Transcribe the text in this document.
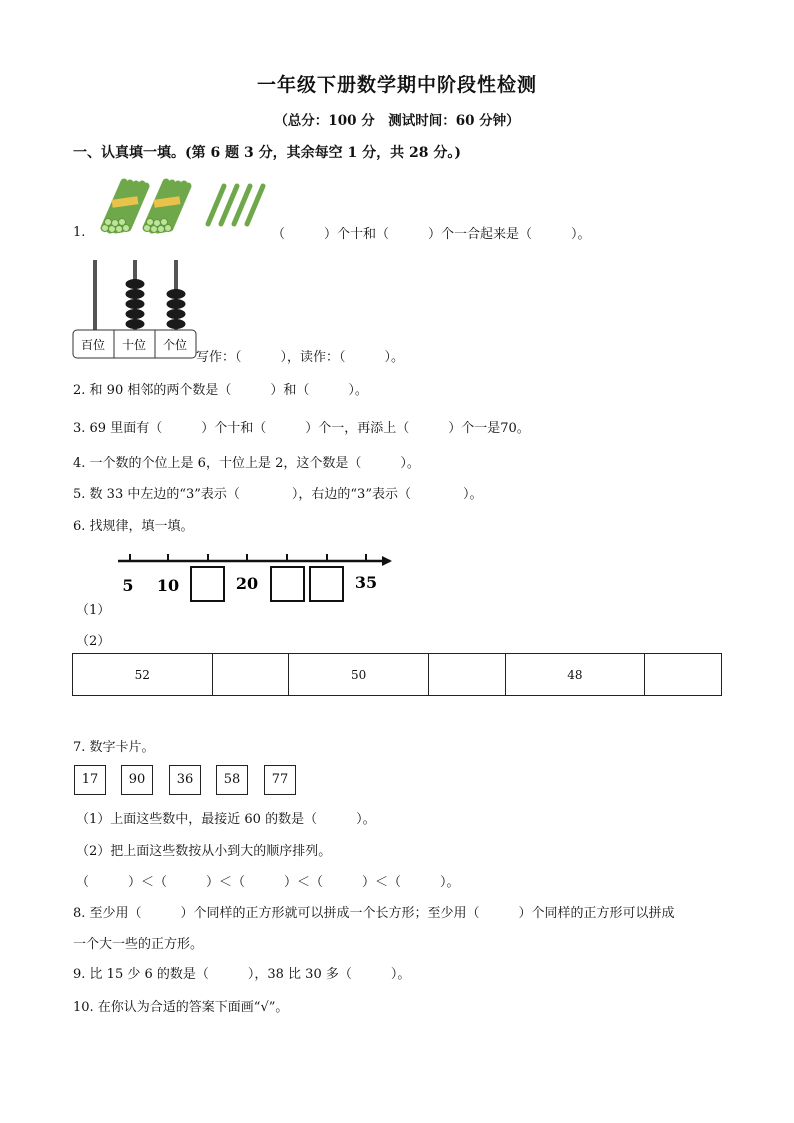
一年级下册数学期中阶段性检测
（总分：100 分　测试时间：60 分钟）
一、认真填一填。(第 6 题 3 分，其余每空 1 分，共 28 分。)
1.	（　　　）个十和（　　　）个一合起来是（　　　）。
百位 十位 个位
写作：（　　　），读作：（　　　）。
2. 和 90 相邻的两个数是（　　　）和（　　　）。
3. 69 里面有（　　　）个十和（　　　）个一，再添上（　　　）个一是70。
4. 一个数的个位上是 6，十位上是 2，这个数是（　　　）。
5. 数 33 中左边的“3”表示（　　　　），右边的“3”表示（　　　　）。
6. 找规律，填一填。
5 10	20	35
（1）
（2）
52		50		48	
7. 数字卡片。
17	90	36	58	77
（1）上面这些数中，最接近 60 的数是（　　　）。
（2）把上面这些数按从小到大的顺序排列。
（　　　）＜（　　　）＜（　　　）＜（　　　）＜（　　　）。
8. 至少用（　　　）个同样的正方形就可以拼成一个长方形；至少用（　　　）个同样的正方形可以拼成
一个大一些的正方形。
9. 比 15 少 6 的数是（　　　），38 比 30 多（　　　）。
10. 在你认为合适的答案下面画“√”。
